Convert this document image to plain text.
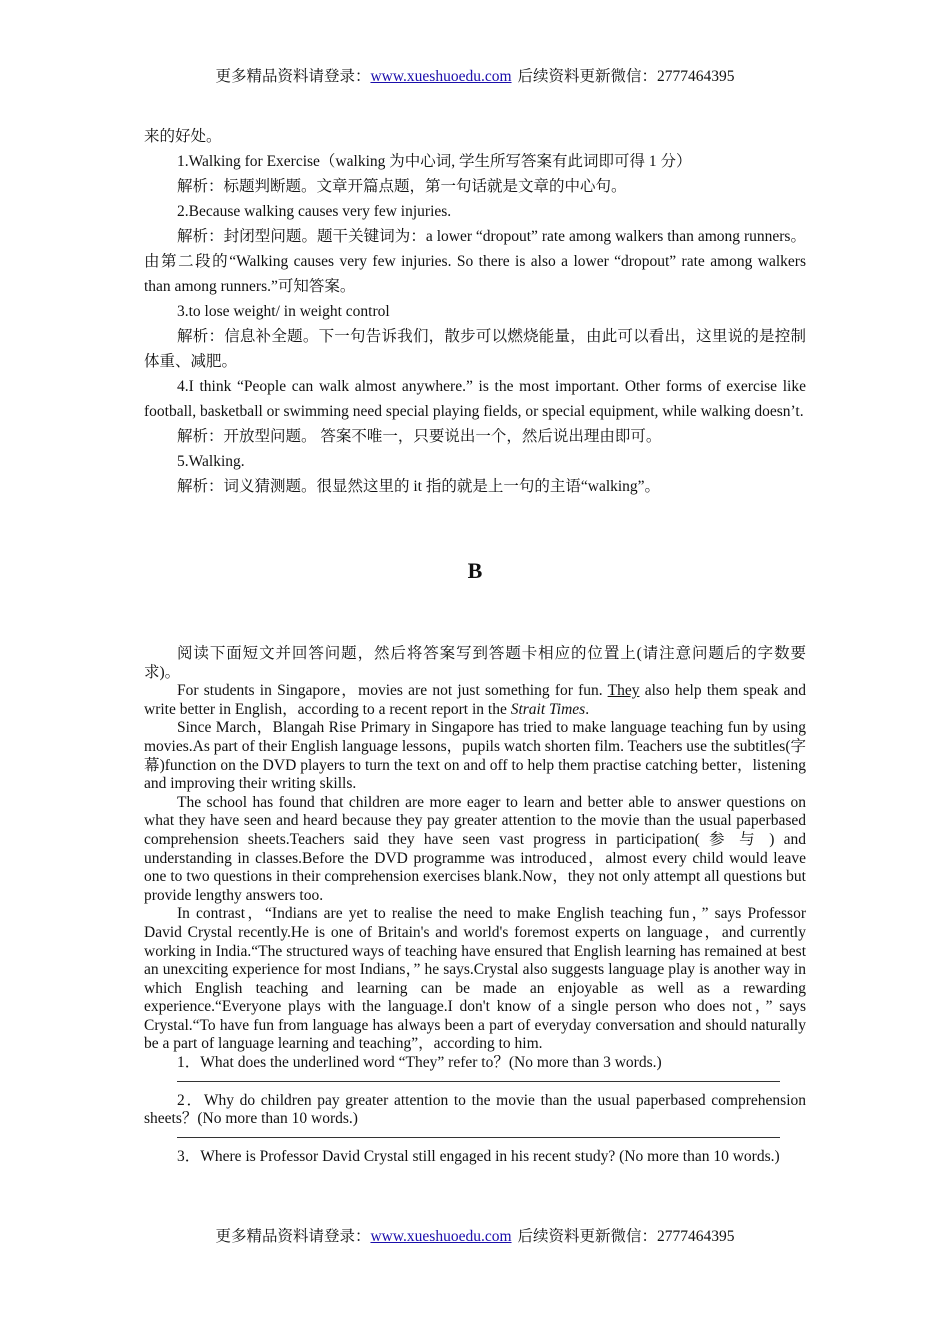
更多精品资料请登录：www.xueshuoedu.com 后续资料更新微信：2777464395

来的好处。

1.Walking for Exercise（walking 为中心词, 学生所写答案有此词即可得 1 分）

解析：标题判断题。文章开篇点题，第一句话就是文章的中心句。

2.Because walking causes very few injuries.

解析：封闭型问题。题干关键词为：a lower “dropout” rate among walkers than among runners。由第二段的“Walking causes very few injuries. So there is also a lower “dropout” rate among walkers than among runners.”可知答案。

3.to lose weight/ in weight control

解析：信息补全题。下一句告诉我们，散步可以燃烧能量，由此可以看出，这里说的是控制体重、减肥。

4.I think “People can walk almost anywhere.” is the most important. Other forms of exercise like football, basketball or swimming need special playing fields, or special equipment, while walking doesn’t.

解析：开放型问题。 答案不唯一，只要说出一个，然后说出理由即可。

5.Walking.

解析：词义猜测题。很显然这里的 it 指的就是上一句的主语“walking”。

B

阅读下面短文并回答问题，然后将答案写到答题卡相应的位置上(请注意问题后的字数要求)。

For students in Singapore，movies are not just something for fun. They also help them speak and write better in English，according to a recent report in the Strait Times.

Since March，Blangah Rise Primary in Singapore has tried to make language teaching fun by using movies.As part of their English language lessons，pupils watch shorten film. Teachers use the subtitles(字幕)function on the DVD players to turn the text on and off to help them practise catching better，listening and improving their writing skills.

The school has found that children are more eager to learn and better able to answer questions on what they have seen and heard because they pay greater attention to the movie than the usual paperbased comprehension sheets.Teachers said they have seen vast progress in participation( 参 与 ) and understanding in classes.Before the DVD programme was introduced，almost every child would leave one to two questions in their comprehension exercises blank.Now，they not only attempt all questions but provide lengthy answers too.

In contrast，“Indians are yet to realise the need to make English teaching fun，” says Professor David Crystal recently.He is one of Britain's and world's foremost experts on language，and currently working in India.“The structured ways of teaching have ensured that English learning has remained at best an unexciting experience for most Indians，” he says.Crystal also suggests language play is another way in which English teaching and learning can be made an enjoyable as well as a rewarding experience.“Everyone plays with the language.I don't know of a single person who does not，” says Crystal.“To have fun from language has always been a part of everyday conversation and should naturally be a part of language learning and teaching”，according to him.

1．What does the underlined word “They” refer to？(No more than 3 words.)

2．Why do children pay greater attention to the movie than the usual paperbased comprehension sheets？(No more than 10 words.)

3．Where is Professor David Crystal still engaged in his recent study? (No more than 10 words.)

更多精品资料请登录：www.xueshuoedu.com 后续资料更新微信：2777464395
